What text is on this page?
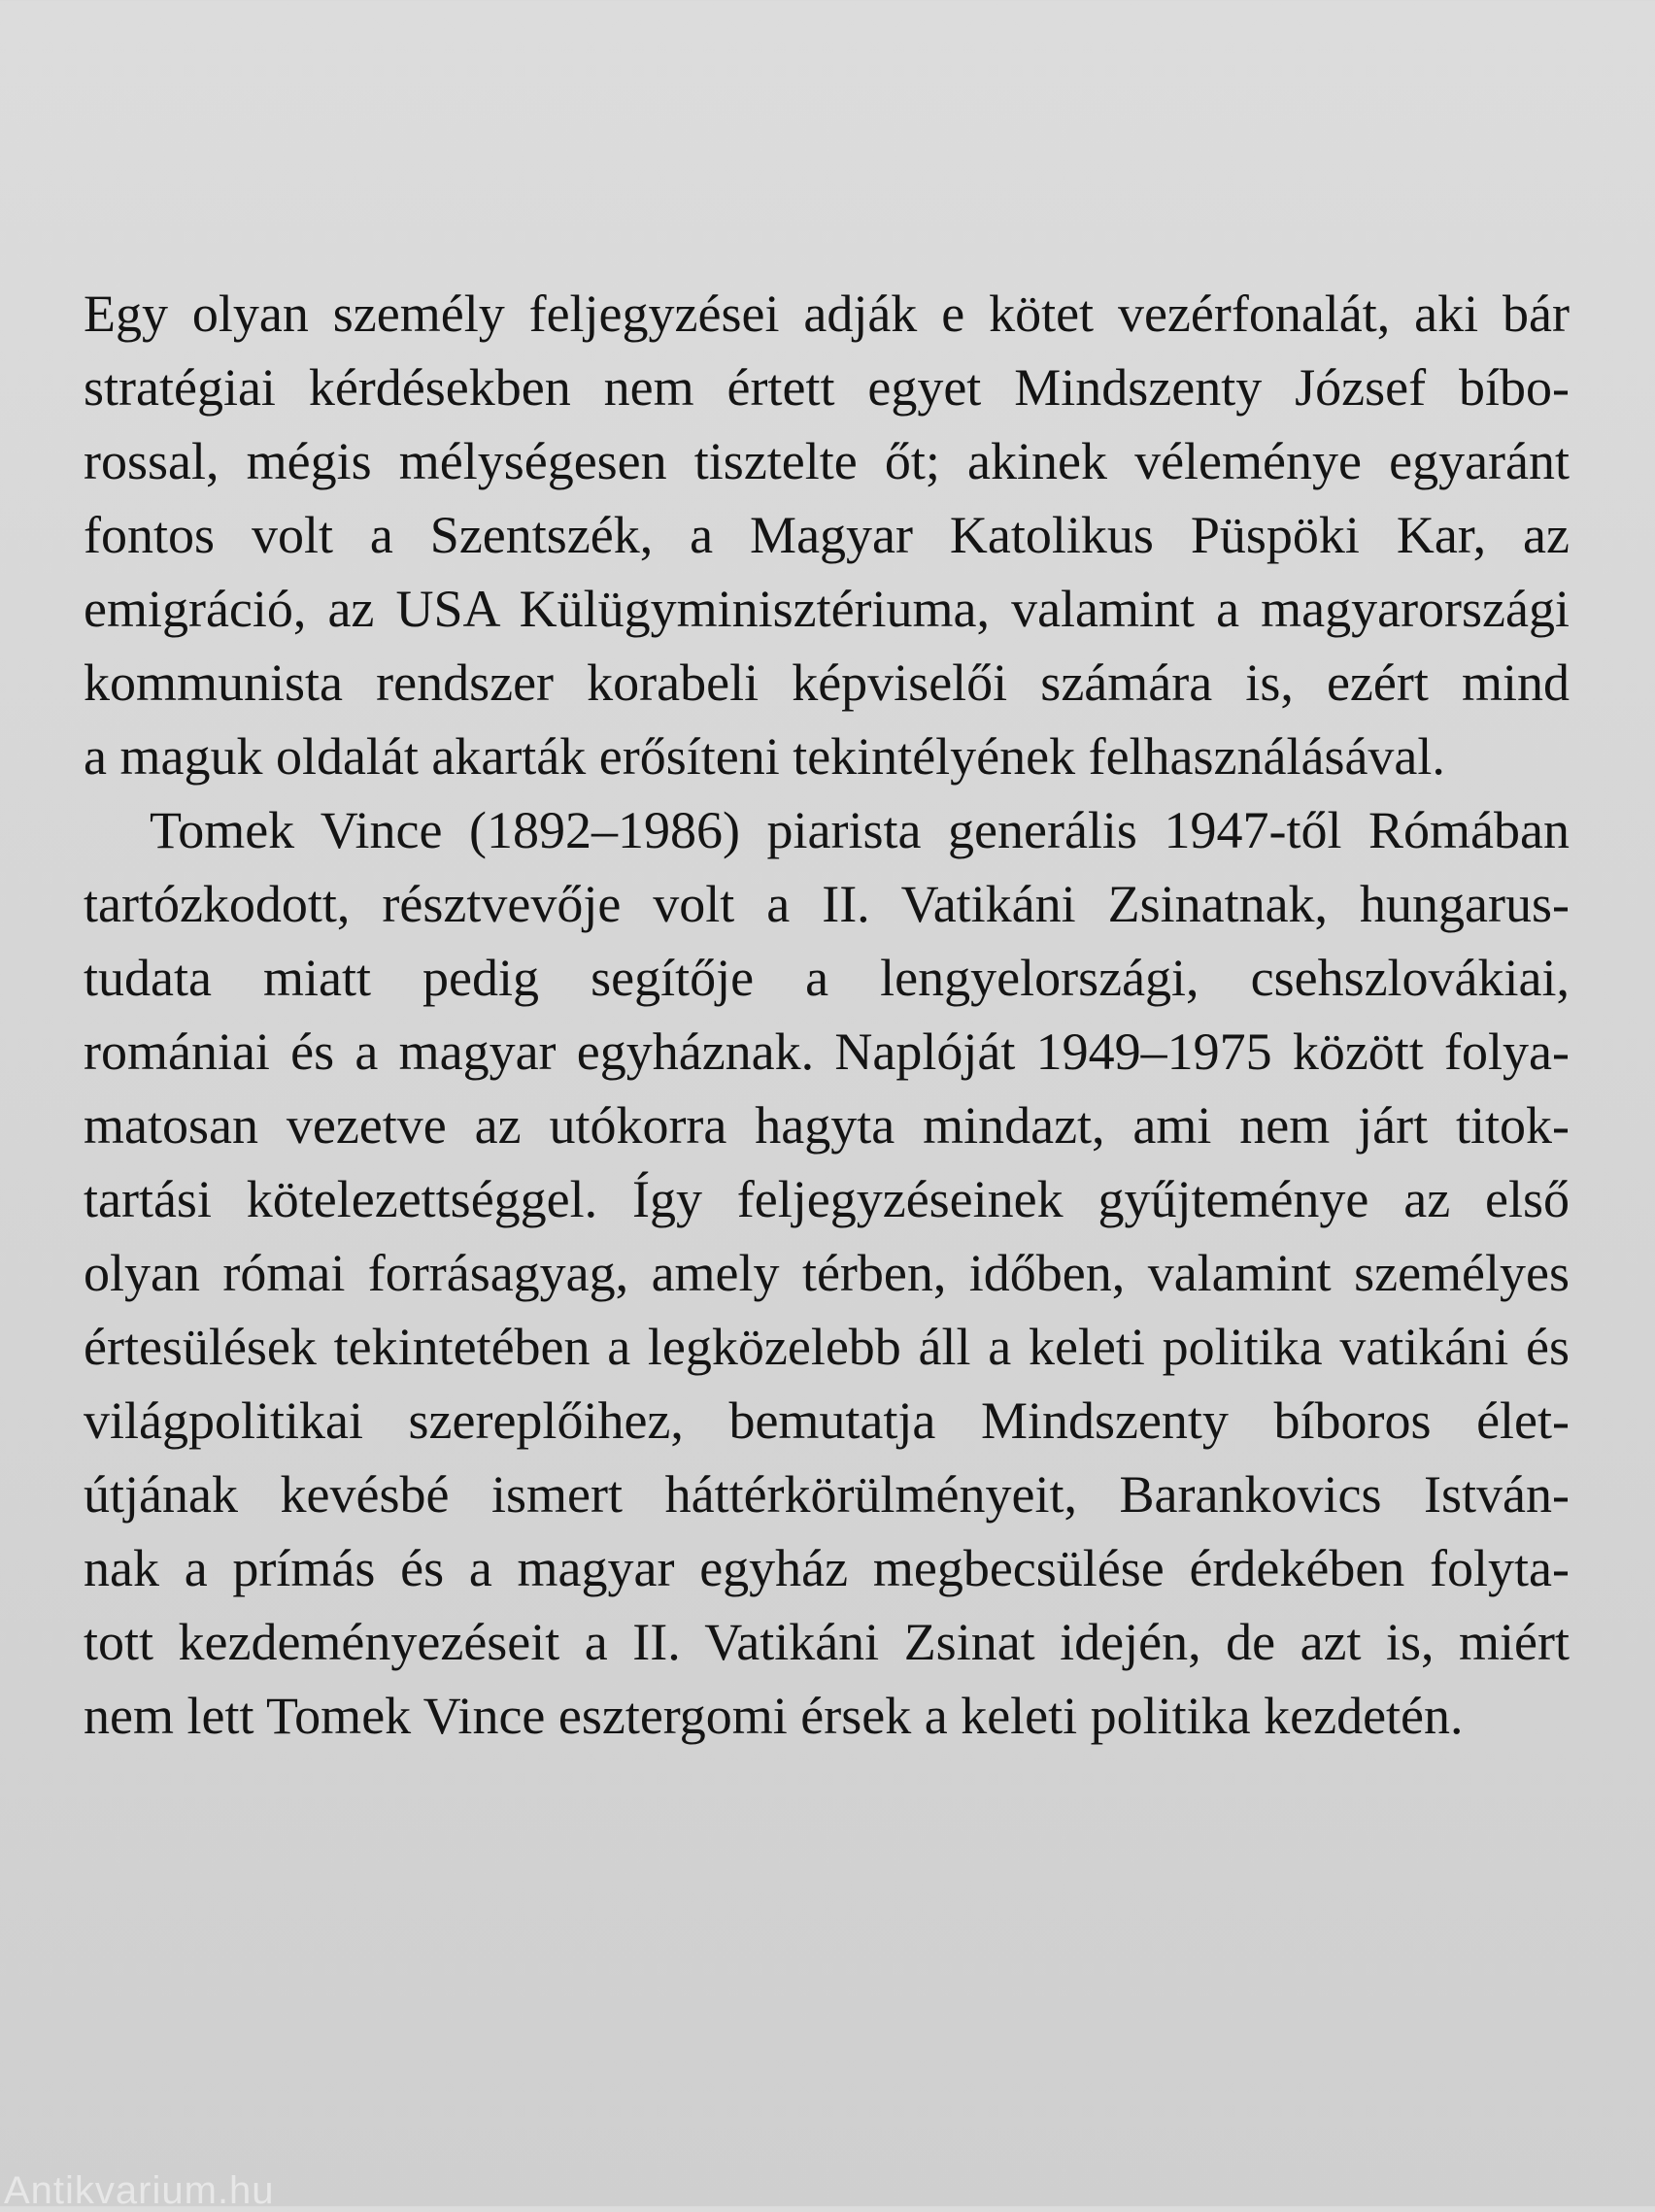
Egy olyan személy feljegyzései adják e kötet vezérfonalát, aki bár
stratégiai kérdésekben nem értett egyet Mindszenty József bíbo-
rossal, mégis mélységesen tisztelte őt; akinek véleménye egyaránt
fontos volt a Szentszék, a Magyar Katolikus Püspöki Kar, az
emigráció, az USA Külügyminisztériuma, valamint a magyarországi
kommunista rendszer korabeli képviselői számára is, ezért mind
a maguk oldalát akarták erősíteni tekintélyének felhasználásával.
Tomek Vince (1892–1986) piarista generális 1947-től Rómában
tartózkodott, résztvevője volt a II. Vatikáni Zsinatnak, hungarus-
tudata miatt pedig segítője a lengyelországi, csehszlovákiai,
romániai és a magyar egyháznak. Naplóját 1949–1975 között folya-
matosan vezetve az utókorra hagyta mindazt, ami nem járt titok-
tartási kötelezettséggel. Így feljegyzéseinek gyűjteménye az első
olyan római forrásagyag, amely térben, időben, valamint személyes
értesülések tekintetében a legközelebb áll a keleti politika vatikáni és
világpolitikai szereplőihez, bemutatja Mindszenty bíboros élet-
útjának kevésbé ismert háttérkörülményeit, Barankovics István-
nak a prímás és a magyar egyház megbecsülése érdekében folyta-
tott kezdeményezéseit a II. Vatikáni Zsinat idején, de azt is, miért
nem lett Tomek Vince esztergomi érsek a keleti politika kezdetén.
Antikvarium.hu
